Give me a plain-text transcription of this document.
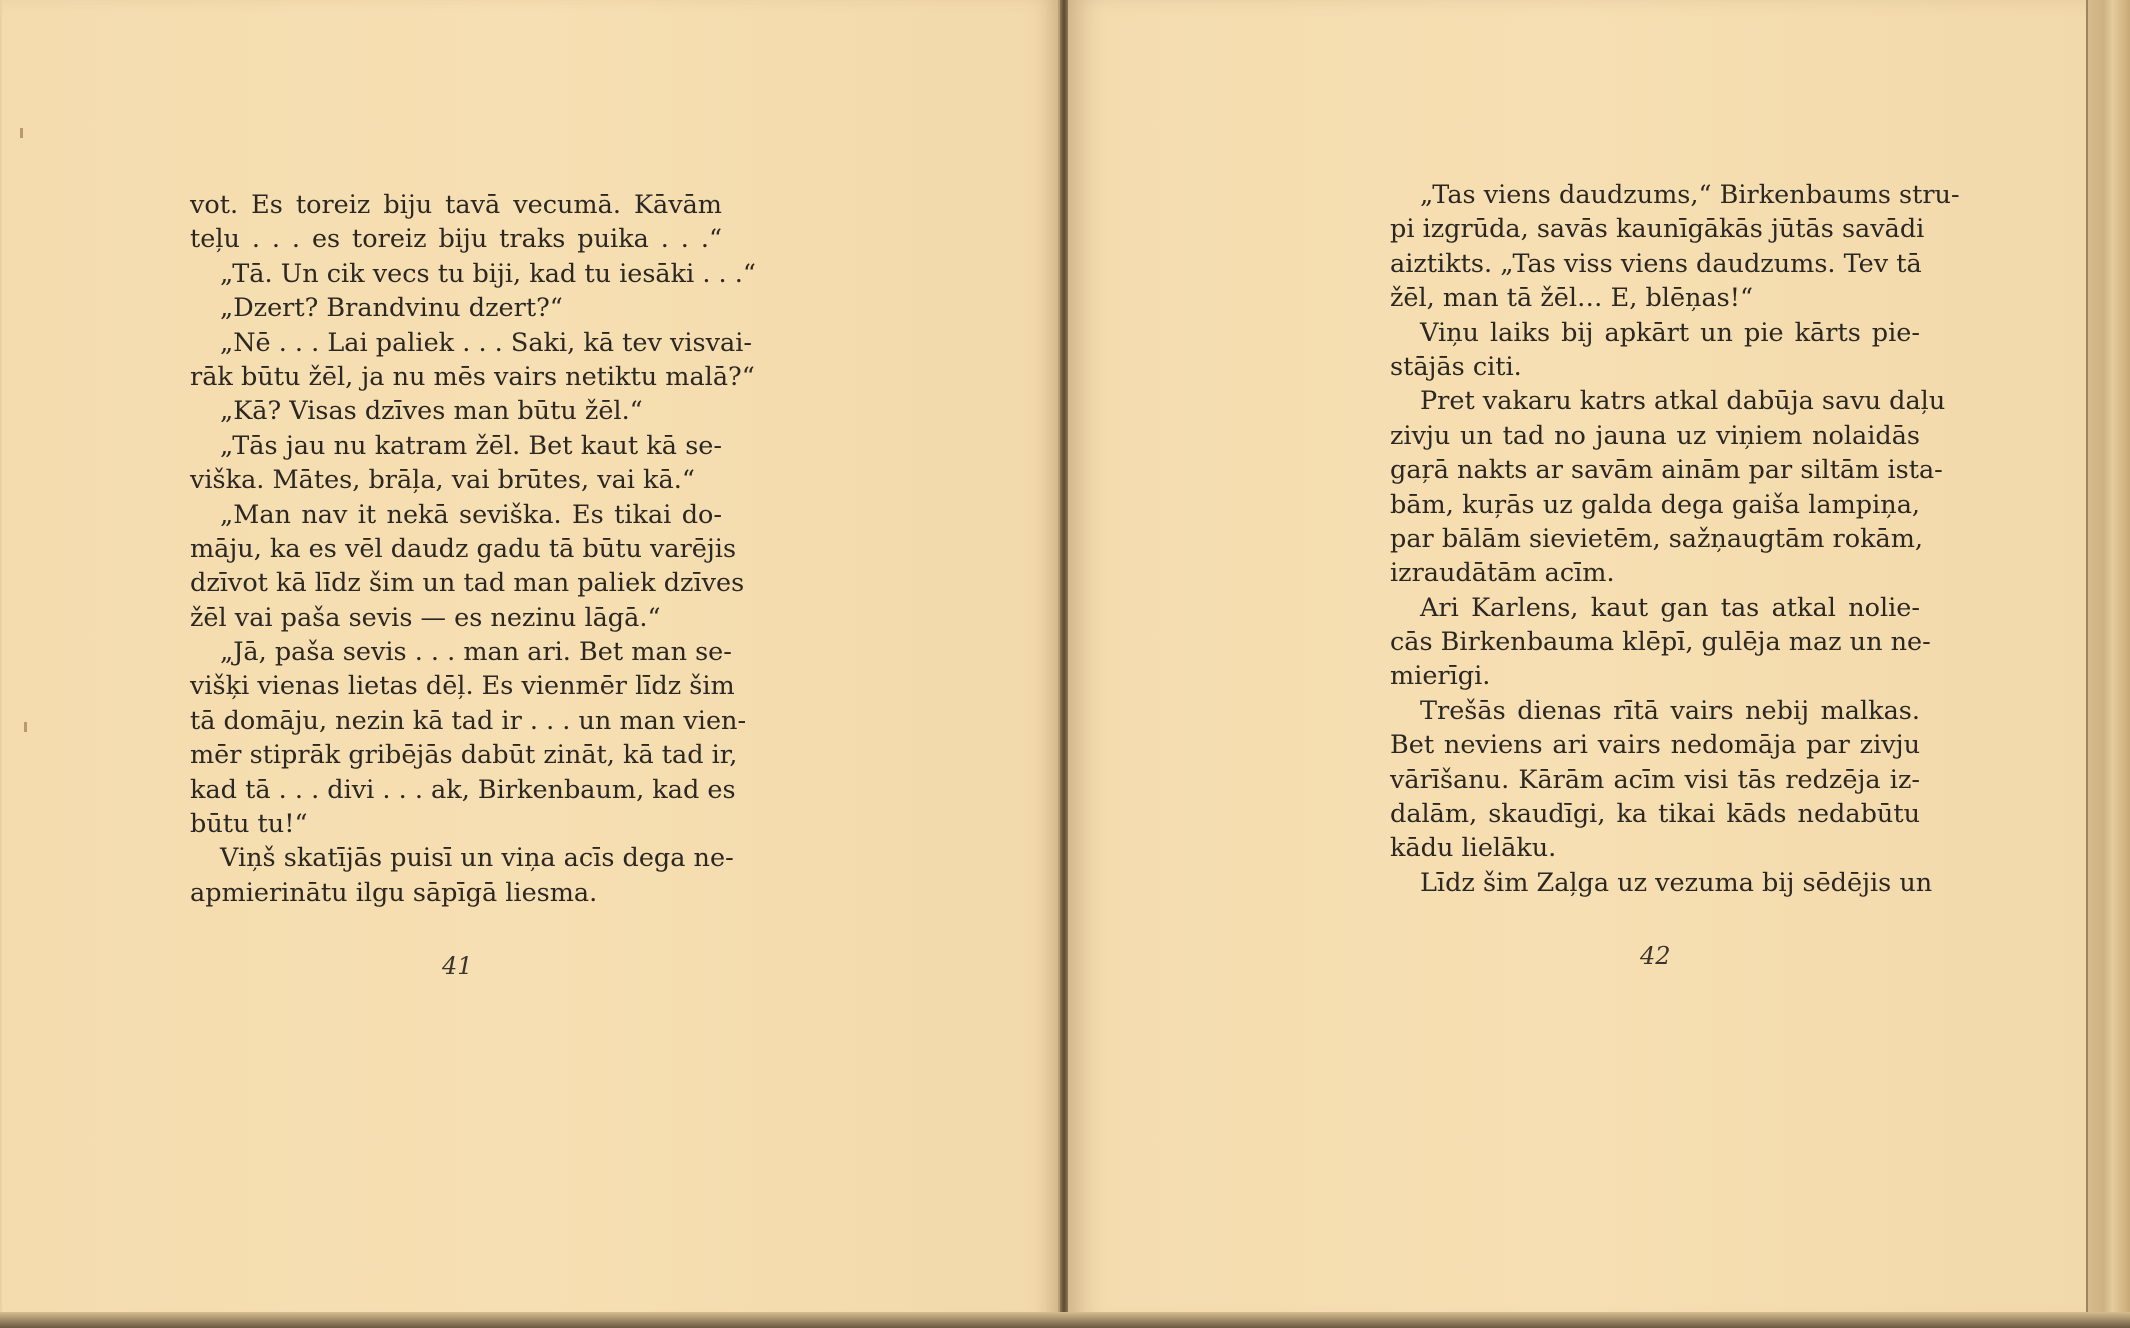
vot. Es toreiz biju tavā vecumā. Kāvām
teļu . . . es toreiz biju traks puika . . .“
„Tā. Un cik vecs tu biji, kad tu iesāki . . .“
„Dzert? Brandvinu dzert?“
„Nē . . . Lai paliek . . . Saki, kā tev visvai-
rāk būtu žēl, ja nu mēs vairs netiktu malā?“
„Kā? Visas dzīves man būtu žēl.“
„Tās jau nu katram žēl. Bet kaut kā se-
viška. Mātes, brāļa, vai brūtes, vai kā.“
„Man nav it nekā seviška. Es tikai do-
māju, ka es vēl daudz gadu tā būtu varējis
dzīvot kā līdz šim un tad man paliek dzīves
žēl vai paša sevis — es nezinu lāgā.“
„Jā, paša sevis . . . man ari. Bet man se-
višķi vienas lietas dēļ. Es vienmēr līdz šim
tā domāju, nezin kā tad ir . . . un man vien-
mēr stiprāk gribējās dabūt zināt, kā tad ir,
kad tā . . . divi . . . ak, Birkenbaum, kad es
būtu tu!“
Viņš skatījās puisī un viņa acīs dega ne-
apmierinātu ilgu sāpīgā liesma.
41
„Tas viens daudzums,“ Birkenbaums stru-
pi izgrūda, savās kaunīgākās jūtās savādi
aiztikts. „Tas viss viens daudzums. Tev tā
žēl, man tā žēl… E, blēņas!“
Viņu laiks bij apkārt un pie kārts pie-
stājās citi.
Pret vakaru katrs atkal dabūja savu daļu
zivju un tad no jauna uz viņiem nolaidās
gaŗā nakts ar savām ainām par siltām ista-
bām, kuŗās uz galda dega gaiša lampiņa,
par bālām sievietēm, sažņaugtām rokām,
izraudātām acīm.
Ari Karlens, kaut gan tas atkal nolie-
cās Birkenbauma klēpī, gulēja maz un ne-
mierīgi.
Trešās dienas rītā vairs nebij malkas.
Bet neviens ari vairs nedomāja par zivju
vārīšanu. Kārām acīm visi tās redzēja iz-
dalām, skaudīgi, ka tikai kāds nedabūtu
kādu lielāku.
Līdz šim Zaļga uz vezuma bij sēdējis un
42
